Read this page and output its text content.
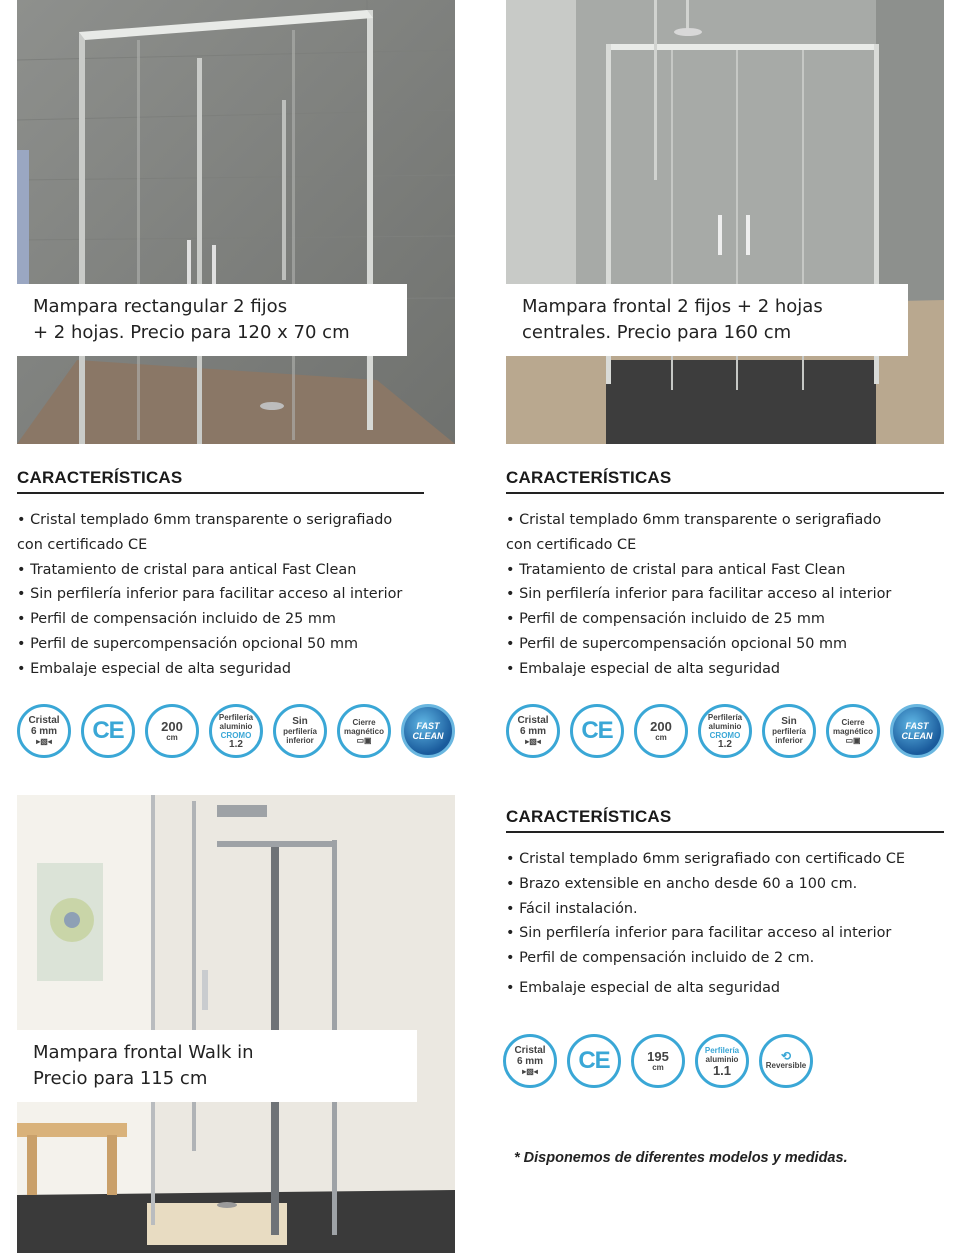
Mampara rectangular 2 fijos
+ 2 hojas. Precio para 120 x 70 cm
Mampara frontal 2 fijos + 2 hojas
centrales. Precio para 160 cm
Mampara frontal Walk in
Precio para 115 cm
CARACTERÍSTICAS
• Cristal templado 6mm transparente o serigrafiado
con certificado CE
• Tratamiento de cristal para antical Fast Clean
• Sin perfilería inferior para facilitar acceso al interior
• Perfil de compensación incluido de 25 mm
• Perfil de supercompensación opcional 50 mm
• Embalaje especial de alta seguridad
CARACTERÍSTICAS
• Cristal templado 6mm transparente o serigrafiado
con certificado CE
• Tratamiento de cristal para antical Fast Clean
• Sin perfilería inferior para facilitar acceso al interior
• Perfil de compensación incluido de 25 mm
• Perfil de supercompensación opcional 50 mm
• Embalaje especial de alta seguridad
CARACTERÍSTICAS
• Cristal templado 6mm serigrafiado con certificado CE
• Brazo extensible en ancho desde 60 a 100 cm.
• Fácil instalación.
• Sin perfilería inferior para facilitar acceso al interior
• Perfil de compensación incluido de 2 cm.
• Embalaje especial de alta seguridad
Cristal
6 mm
▸▧◂ CE	200
cm
Perfilería
aluminio
CROMO
1.2
Sin
perfilería
inferior
Cierre
magnético
▭▣
FAST
CLEAN
Cristal
6 mm
▸▧◂ CE	200
cm
Perfilería
aluminio
CROMO
1.2
Sin
perfilería
inferior
Cierre
magnético
▭▣
FAST
CLEAN
Cristal
6 mm
▸▧◂ CE	195
cm
Perfilería
aluminio
1.1
⟲
Reversible
* Disponemos de diferentes modelos y medidas.
